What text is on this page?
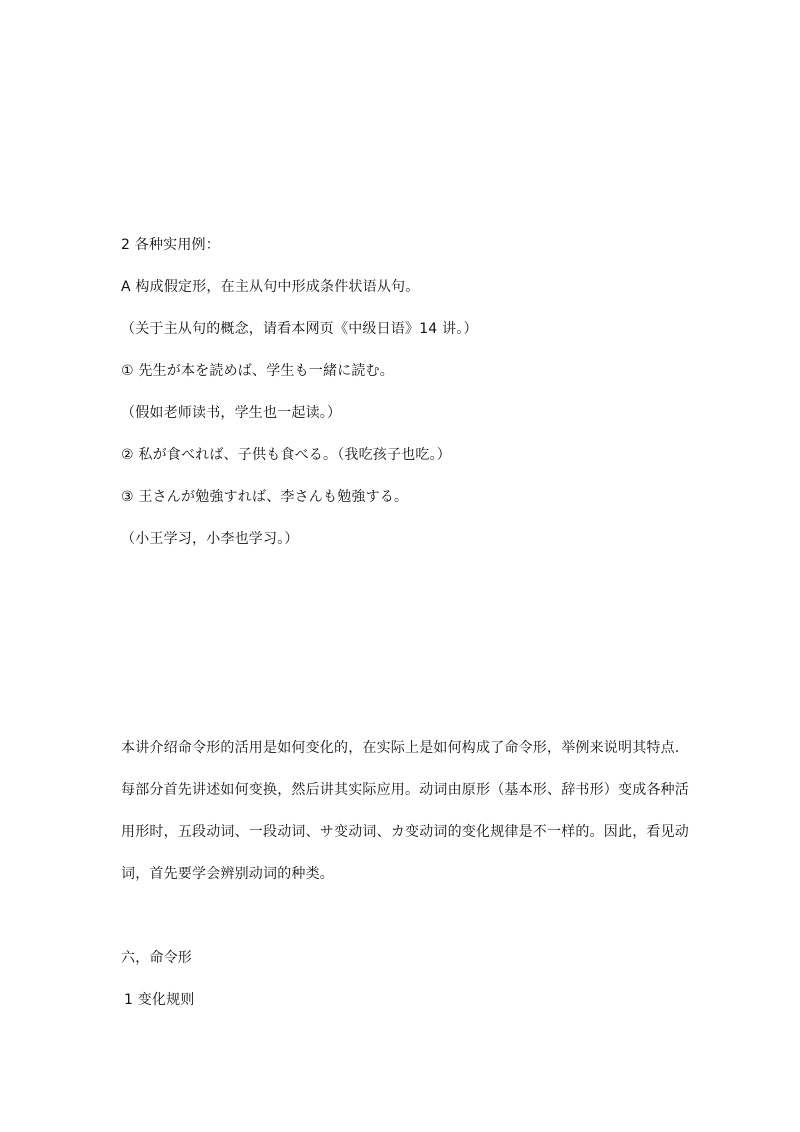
2 各种实用例：
A 构成假定形，在主从句中形成条件状语从句。
（关于主从句的概念，请看本网页《中级日语》14 讲。）
① 先生が本を読めば、学生も一緒に読む。
（假如老师读书，学生也一起读。）
② 私が食べれば、子供も食べる。（我吃孩子也吃。）
③ 王さんが勉強すれば、李さんも勉強する。
（小王学习，小李也学习。）
本讲介绍命令形的活用是如何变化的，在实际上是如何构成了命令形，举例来说明其特点.
每部分首先讲述如何变换，然后讲其实际应用。动词由原形（基本形、辞书形）变成各种活
用形时，五段动词、一段动词、サ变动词、カ变动词的变化规律是不一样的。因此，看见动
词，首先要学会辨别动词的种类。
六，命令形
1 变化规则
